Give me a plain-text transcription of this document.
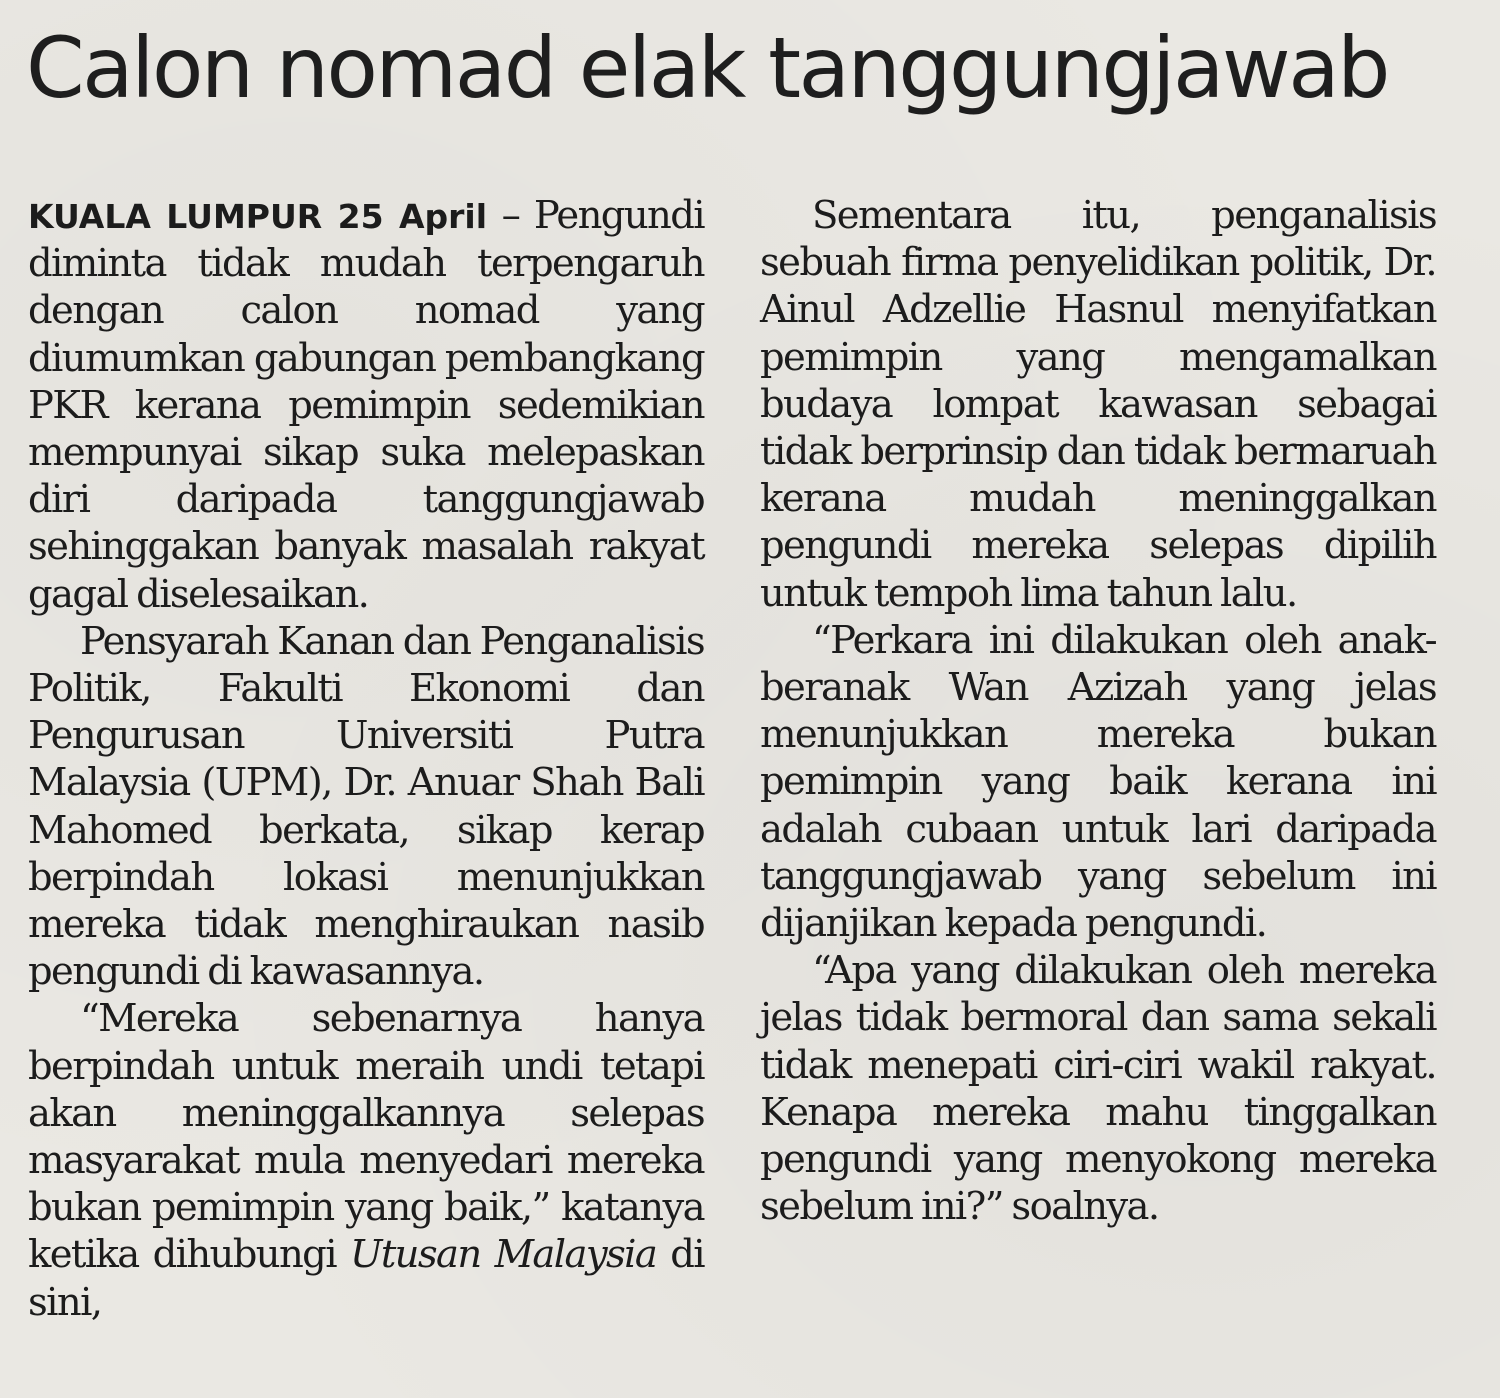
Calon nomad elak tanggungjawab

KUALA LUMPUR 25 April – Pengundi diminta tidak mudah terpengaruh dengan calon nomad yang diumumkan gabungan pembangkang PKR kerana pemimpin sedemikian mempunyai sikap suka melepaskan diri daripada tanggungjawab sehinggakan banyak masalah rakyat gagal diselesaikan.

Pensyarah Kanan dan Penganalisis Politik, Fakulti Ekonomi dan Pengurusan Universiti Putra Malaysia (UPM), Dr. Anuar Shah Bali Mahomed berkata, sikap kerap berpindah lokasi menunjukkan mereka tidak menghiraukan nasib pengundi di kawasannya.

“Mereka sebenarnya hanya berpindah untuk meraih undi tetapi akan meninggalkannya selepas masyarakat mula menyedari mereka bukan pemimpin yang baik,” katanya ketika dihubungi Utusan Malaysia di sini,

Sementara itu, penganalisis sebuah firma penyelidikan politik, Dr. Ainul Adzellie Hasnul menyifatkan pemimpin yang mengamalkan budaya lompat kawasan sebagai tidak berprinsip dan tidak bermaruah kerana mudah meninggalkan pengundi mereka selepas dipilih untuk tempoh lima tahun lalu.

“Perkara ini dilakukan oleh anak-beranak Wan Azizah yang jelas menunjukkan mereka bukan pemimpin yang baik kerana ini adalah cubaan untuk lari daripada tanggungjawab yang sebelum ini dijanjikan kepada pengundi.

“Apa yang dilakukan oleh mereka jelas tidak bermoral dan sama sekali tidak menepati ciri-ciri wakil rakyat. Kenapa mereka mahu tinggalkan pengundi yang menyokong mereka sebelum ini?” soalnya.
